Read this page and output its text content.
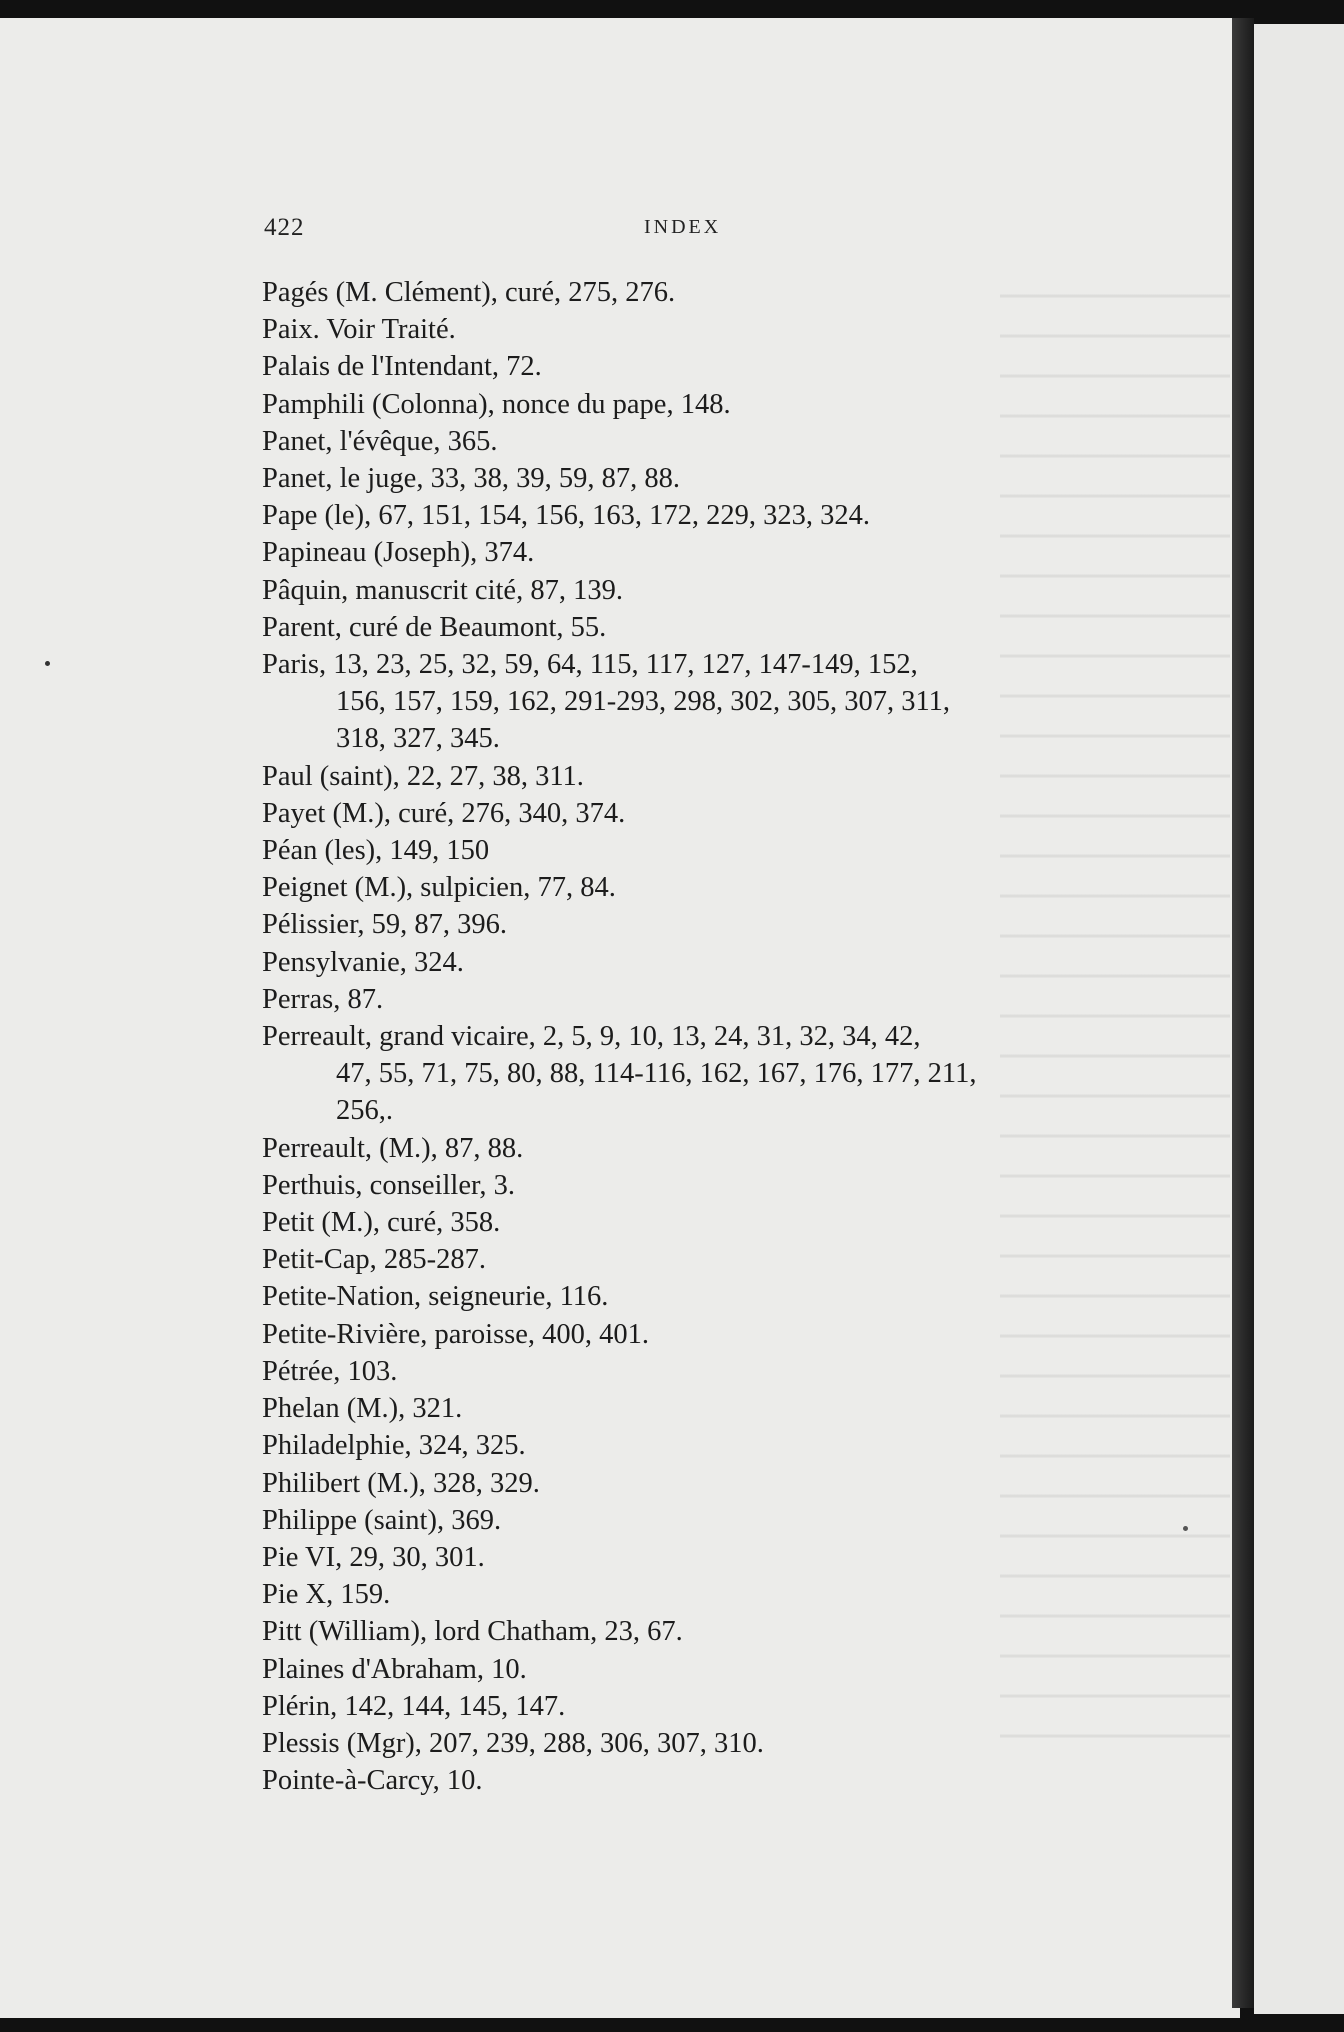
422	INDEX
Pagés (M. Clément), curé, 275, 276.
Paix. Voir Traité.
Palais de l'Intendant, 72.
Pamphili (Colonna), nonce du pape, 148.
Panet, l'évêque, 365.
Panet, le juge, 33, 38, 39, 59, 87, 88.
Pape (le), 67, 151, 154, 156, 163, 172, 229, 323, 324.
Papineau (Joseph), 374.
Pâquin, manuscrit cité, 87, 139.
Parent, curé de Beaumont, 55.
Paris, 13, 23, 25, 32, 59, 64, 115, 117, 127, 147-149, 152,
156, 157, 159, 162, 291-293, 298, 302, 305, 307, 311,
318, 327, 345.
Paul (saint), 22, 27, 38, 311.
Payet (M.), curé, 276, 340, 374.
Péan (les), 149, 150
Peignet (M.), sulpicien, 77, 84.
Pélissier, 59, 87, 396.
Pensylvanie, 324.
Perras, 87.
Perreault, grand vicaire, 2, 5, 9, 10, 13, 24, 31, 32, 34, 42,
47, 55, 71, 75, 80, 88, 114-116, 162, 167, 176, 177, 211,
256,.
Perreault, (M.), 87, 88.
Perthuis, conseiller, 3.
Petit (M.), curé, 358.
Petit-Cap, 285-287.
Petite-Nation, seigneurie, 116.
Petite-Rivière, paroisse, 400, 401.
Pétrée, 103.
Phelan (M.), 321.
Philadelphie, 324, 325.
Philibert (M.), 328, 329.
Philippe (saint), 369.
Pie VI, 29, 30, 301.
Pie X, 159.
Pitt (William), lord Chatham, 23, 67.
Plaines d'Abraham, 10.
Plérin, 142, 144, 145, 147.
Plessis (Mgr), 207, 239, 288, 306, 307, 310.
Pointe-à-Carcy, 10.
